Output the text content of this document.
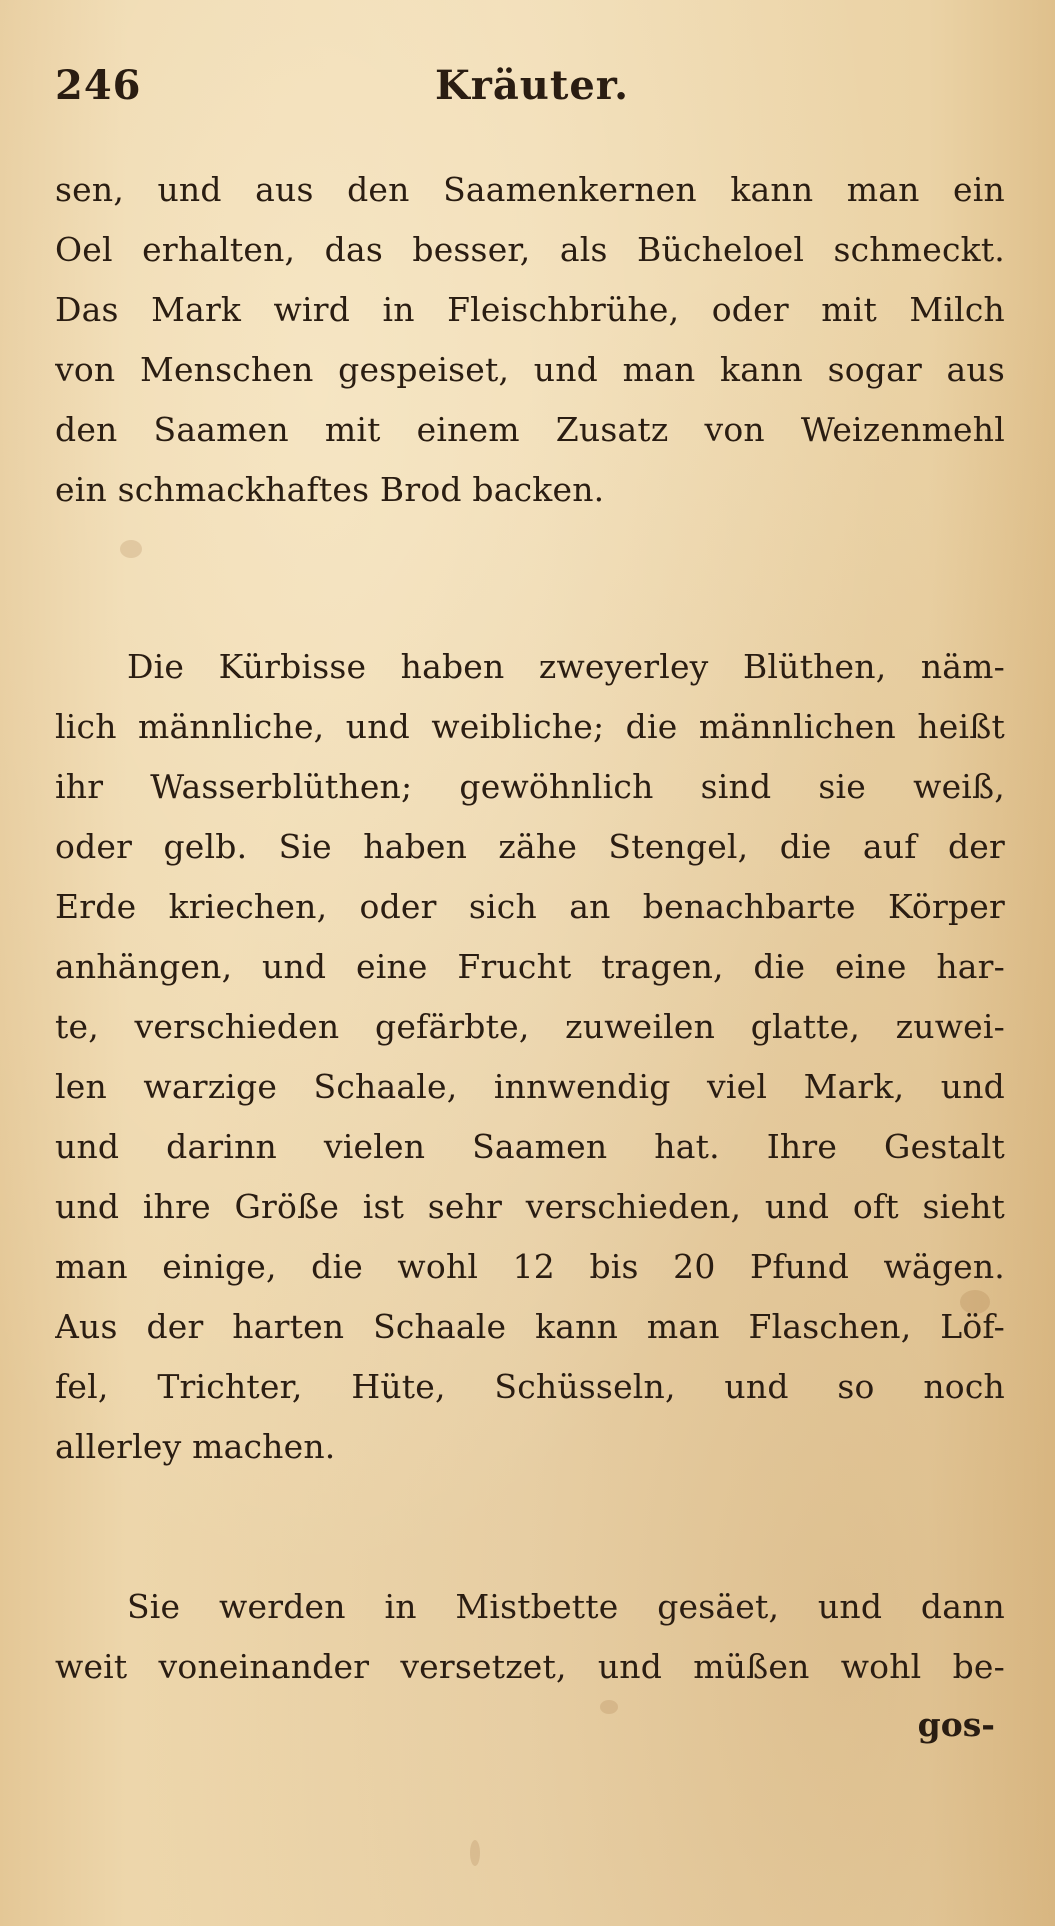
246	Kräuter.
sen, und aus den Saamenkernen kann man ein
Oel erhalten, das besser, als Bücheloel schmeckt.
Das Mark wird in Fleischbrühe, oder mit Milch
von Menschen gespeiset, und man kann sogar aus
den Saamen mit einem Zusatz von Weizenmehl
ein schmackhaftes Brod backen.
Die Kürbisse haben zweyerley Blüthen, näm-
lich männliche, und weibliche; die männlichen heißt
ihr Wasserblüthen; gewöhnlich sind sie weiß,
oder gelb. Sie haben zähe Stengel, die auf der
Erde kriechen, oder sich an benachbarte Körper
anhängen, und eine Frucht tragen, die eine har-
te, verschieden gefärbte, zuweilen glatte, zuwei-
len warzige Schaale, innwendig viel Mark, und
und darinn vielen Saamen hat. Ihre Gestalt
und ihre Größe ist sehr verschieden, und oft sieht
man einige, die wohl 12 bis 20 Pfund wägen.
Aus der harten Schaale kann man Flaschen, Löf-
fel, Trichter, Hüte, Schüsseln, und so noch
allerley machen.
Sie werden in Mistbette gesäet, und dann
weit voneinander versetzet, und müßen wohl be-
gos-
